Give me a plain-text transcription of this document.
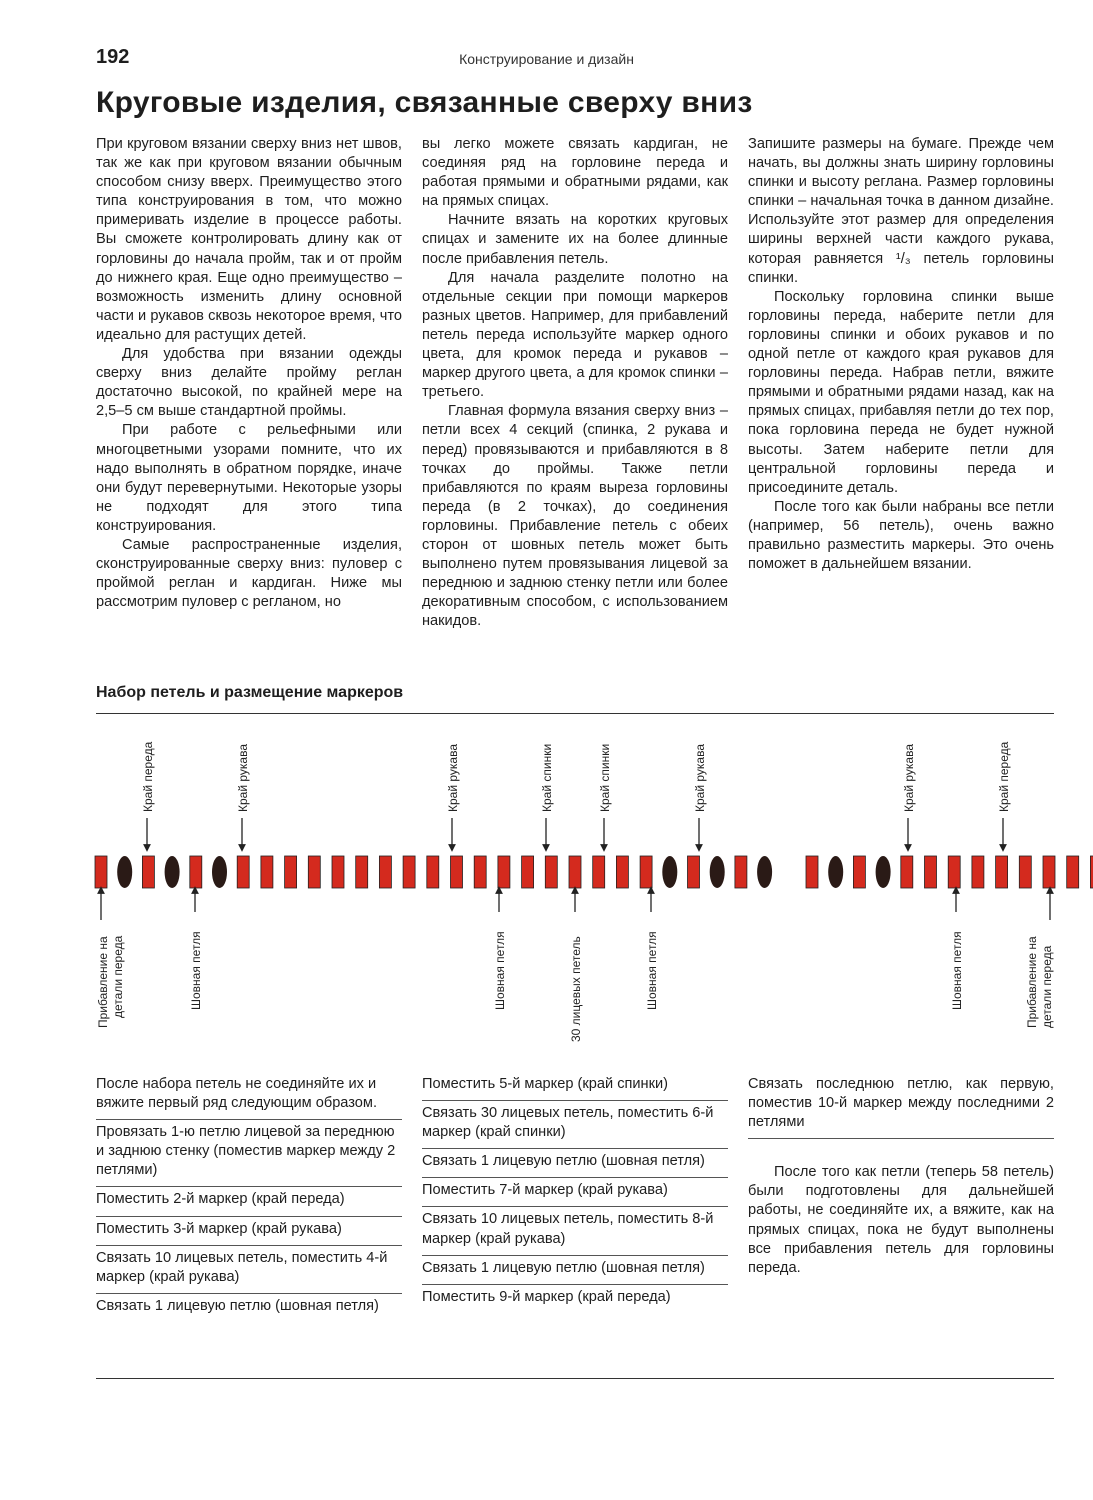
192	Конструирование и дизайн
Круговые изделия, связанные сверху вниз

При круговом вязании сверху вниз нет швов, так же как при круговом вязании обычным способом снизу вверх. Преимущество этого типа конструирования в том, что можно примеривать изделие в процессе работы. Вы сможете контролировать длину как от горловины до начала пройм, так и от пройм до нижнего края. Еще одно преимущество – возможность изменить длину основной части и рукавов сквозь некоторое время, что идеально для растущих детей.

Для удобства при вязании одежды сверху вниз делайте пройму реглан достаточно высокой, по крайней мере на 2,5–5 см выше стандартной проймы.

При работе с рельефными или многоцветными узорами помните, что их надо выполнять в обратном порядке, иначе они будут перевернутыми. Некоторые узоры не подходят для этого типа конструирования.

Самые распространенные изделия, сконструированные сверху вниз: пуловер с проймой реглан и кардиган. Ниже мы рассмотрим пуловер с регланом, но

вы легко можете связать кардиган, не соединяя ряд на горловине переда и работая прямыми и обратными рядами, как на прямых спицах.

Начните вязать на коротких круговых спицах и замените их на более длинные после прибавления петель.

Для начала разделите полотно на отдельные секции при помощи маркеров разных цветов. Например, для прибавлений петель переда используйте маркер одного цвета, для кромок переда и рукавов – маркер другого цвета, а для кромок спинки – третьего.

Главная формула вязания сверху вниз – петли всех 4 секций (спинка, 2 рукава и перед) провязываются и прибавляются в 8 точках до проймы. Также петли прибавляются по краям выреза горловины переда (в 2 точках), до соединения горловины. Прибавление петель с обеих сторон от шовных петель может быть выполнено путем провязывания лицевой за переднюю и заднюю стенку петли или более декоративным способом, с использованием накидов.

Запишите размеры на бумаге. Прежде чем начать, вы должны знать ширину горловины спинки и высоту реглана. Размер горловины спинки – начальная точка в данном дизайне. Используйте этот размер для определения ширины верхней части каждого рукава, которая равняется ¹/₃ петель горловины спинки.

Поскольку горловина спинки выше горловины переда, наберите петли для горловины спинки и обоих рукавов и по одной петле от каждого края рукавов для горловины переда. Набрав петли, вяжите прямыми и обратными рядами назад, как на прямых спицах, прибавляя петли до тех пор, пока горловина переда не будет нужной высоты. Затем наберите петли для центральной горловины переда и присоедините деталь.

После того как были набраны все петли (например, 56 петель), очень важно правильно разместить маркеры. Это очень поможет в дальнейшем вязании.

Набор петель и размещение маркеров
Край переда	Край рукава	Край рукава	Край спинки	Край спинки	Край рукава	Край рукава	Край переда
Прибавление на детали переда	Шовная петля	Шовная петля	30 лицевых петель	Шовная петля	Шовная петля	Прибавление на детали переда
После набора петель не соединяйте их и вяжите первый ряд следующим образом.
Провязать 1-ю петлю лицевой за переднюю и заднюю стенку (поместив маркер между 2 петлями)
Поместить 2-й маркер (край переда)
Поместить 3-й маркер (край рукава)
Связать 10 лицевых петель, поместить 4-й маркер (край рукава)
Связать 1 лицевую петлю (шовная петля)
Поместить 5-й маркер (край спинки)
Связать 30 лицевых петель, поместить 6-й маркер (край спинки)
Связать 1 лицевую петлю (шовная петля)
Поместить 7-й маркер (край рукава)
Связать 10 лицевых петель, поместить 8-й маркер (край рукава)
Связать 1 лицевую петлю (шовная петля)
Поместить 9-й маркер (край переда)
Связать последнюю петлю, как первую, поместив 10-й маркер между последними 2 петлями
После того как петли (теперь 58 петель) были подготовлены для дальнейшей работы, не соединяйте их, а вяжите, как на прямых спицах, пока не будут выполнены все прибавления петель для горловины переда.
